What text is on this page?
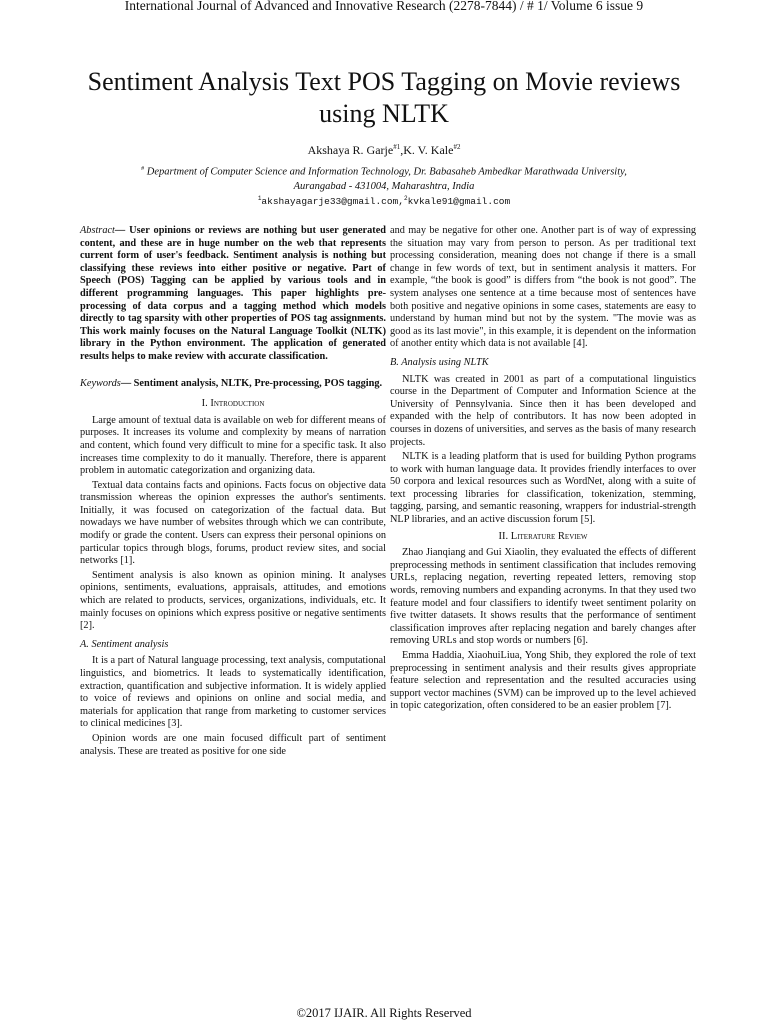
International Journal of Advanced and Innovative Research (2278-7844) / # 1/ Volume 6 issue 9
Sentiment Analysis Text POS Tagging on Movie reviews using NLTK
Akshaya R. Garje$^{\#1}$,K. V. Kale$^{\#2}$
# Department of Computer Science and Information Technology, Dr. Babasaheb Ambedkar Marathwada University,
Aurangabad - 431004, Maharashtra, India
$^1$akshayagarje33@gmail.com,$^2$kvkale91@gmail.com

Abstract— User opinions or reviews are nothing but user generated content, and these are in huge number on the web that represents current form of user's feedback. Sentiment analysis is nothing but classifying these reviews into either positive or negative. Part of Speech (POS) Tagging can be applied by various tools and in different programming languages. This paper highlights pre-processing of data corpus and a tagging method which models directly to tag sparsity with other properties of POS tag assignments. This work mainly focuses on the Natural Language Toolkit (NLTK) library in the Python environment. The application of generated results helps to make review with accurate classification.

Keywords— Sentiment analysis, NLTK, Pre-processing, POS tagging.

I. Introduction

Large amount of textual data is available on web for different means of purposes. It increases its volume and complexity by means of narration and content, which found very difficult to mine for a specific task. It also increases time complexity to do it manually. Therefore, there is apparent problem in automatic categorization and organizing data.

Textual data contains facts and opinions. Facts focus on objective data transmission whereas the opinion expresses the author's sentiments. Initially, it was focused on categorization of the factual data. But nowadays we have number of websites through which we can contribute, modify or grade the content. Users can express their personal opinions on particular topics through blogs, forums, product review sites, and social networks [1].

Sentiment analysis is also known as opinion mining. It analyses opinions, sentiments, evaluations, appraisals, attitudes, and emotions which are related to products, services, organizations, individuals, etc. It mainly focuses on opinions which express positive or negative sentiments [2].

A. Sentiment analysis

It is a part of Natural language processing, text analysis, computational linguistics, and biometrics. It leads to systematically identification, extraction, quantification and subjective information. It is widely applied to voice of reviews and opinions on online and social media, and materials for application that range from marketing to customer services to clinical medicines [3].

Opinion words are one main focused difficult part of sentiment analysis. These are treated as positive for one side

and may be negative for other one. Another part is of way of expressing the situation may vary from person to person. As per traditional text processing consideration, meaning does not change if there is a small change in few words of text, but in sentiment analysis it matters. For example, “the book is good” is differs from “the book is not good”. The system analyses one sentence at a time because most of sentences have both positive and negative opinions in some cases, statements are easy to understand by human mind but not by the system. "The movie was as good as its last movie", in this example, it is dependent on the information of another entity which data is not available [4].

B. Analysis using NLTK

NLTK was created in 2001 as part of a computational linguistics course in the Department of Computer and Information Science at the University of Pennsylvania. Since then it has been developed and expanded with the help of contributors. It has now been adopted in courses in dozens of universities, and serves as the basis of many research projects.

NLTK is a leading platform that is used for building Python programs to work with human language data. It provides friendly interfaces to over 50 corpora and lexical resources such as WordNet, along with a suite of text processing libraries for classification, tokenization, stemming, tagging, parsing, and semantic reasoning, wrappers for industrial-strength NLP libraries, and an active discussion forum [5].

II. Literature Review

Zhao Jianqiang and Gui Xiaolin, they evaluated the effects of different preprocessing methods in sentiment classification that includes removing URLs, replacing negation, reverting repeated letters, removing stop words, removing numbers and expanding acronyms. In that they used two feature model and four classifiers to identify tweet sentiment polarity on five twitter datasets. It shows results that the performance of sentiment classification improves after replacing negation and barely changes after removing URLs and stop words or numbers [6].

Emma Haddia, XiaohuiLiua, Yong Shib, they explored the role of text preprocessing in sentiment analysis and their results gives appropriate feature selection and representation and the resulted accuracies using support vector machines (SVM) can be improved up to the level achieved in topic categorization, often considered to be an easier problem [7].

©2017 IJAIR. All Rights Reserved
